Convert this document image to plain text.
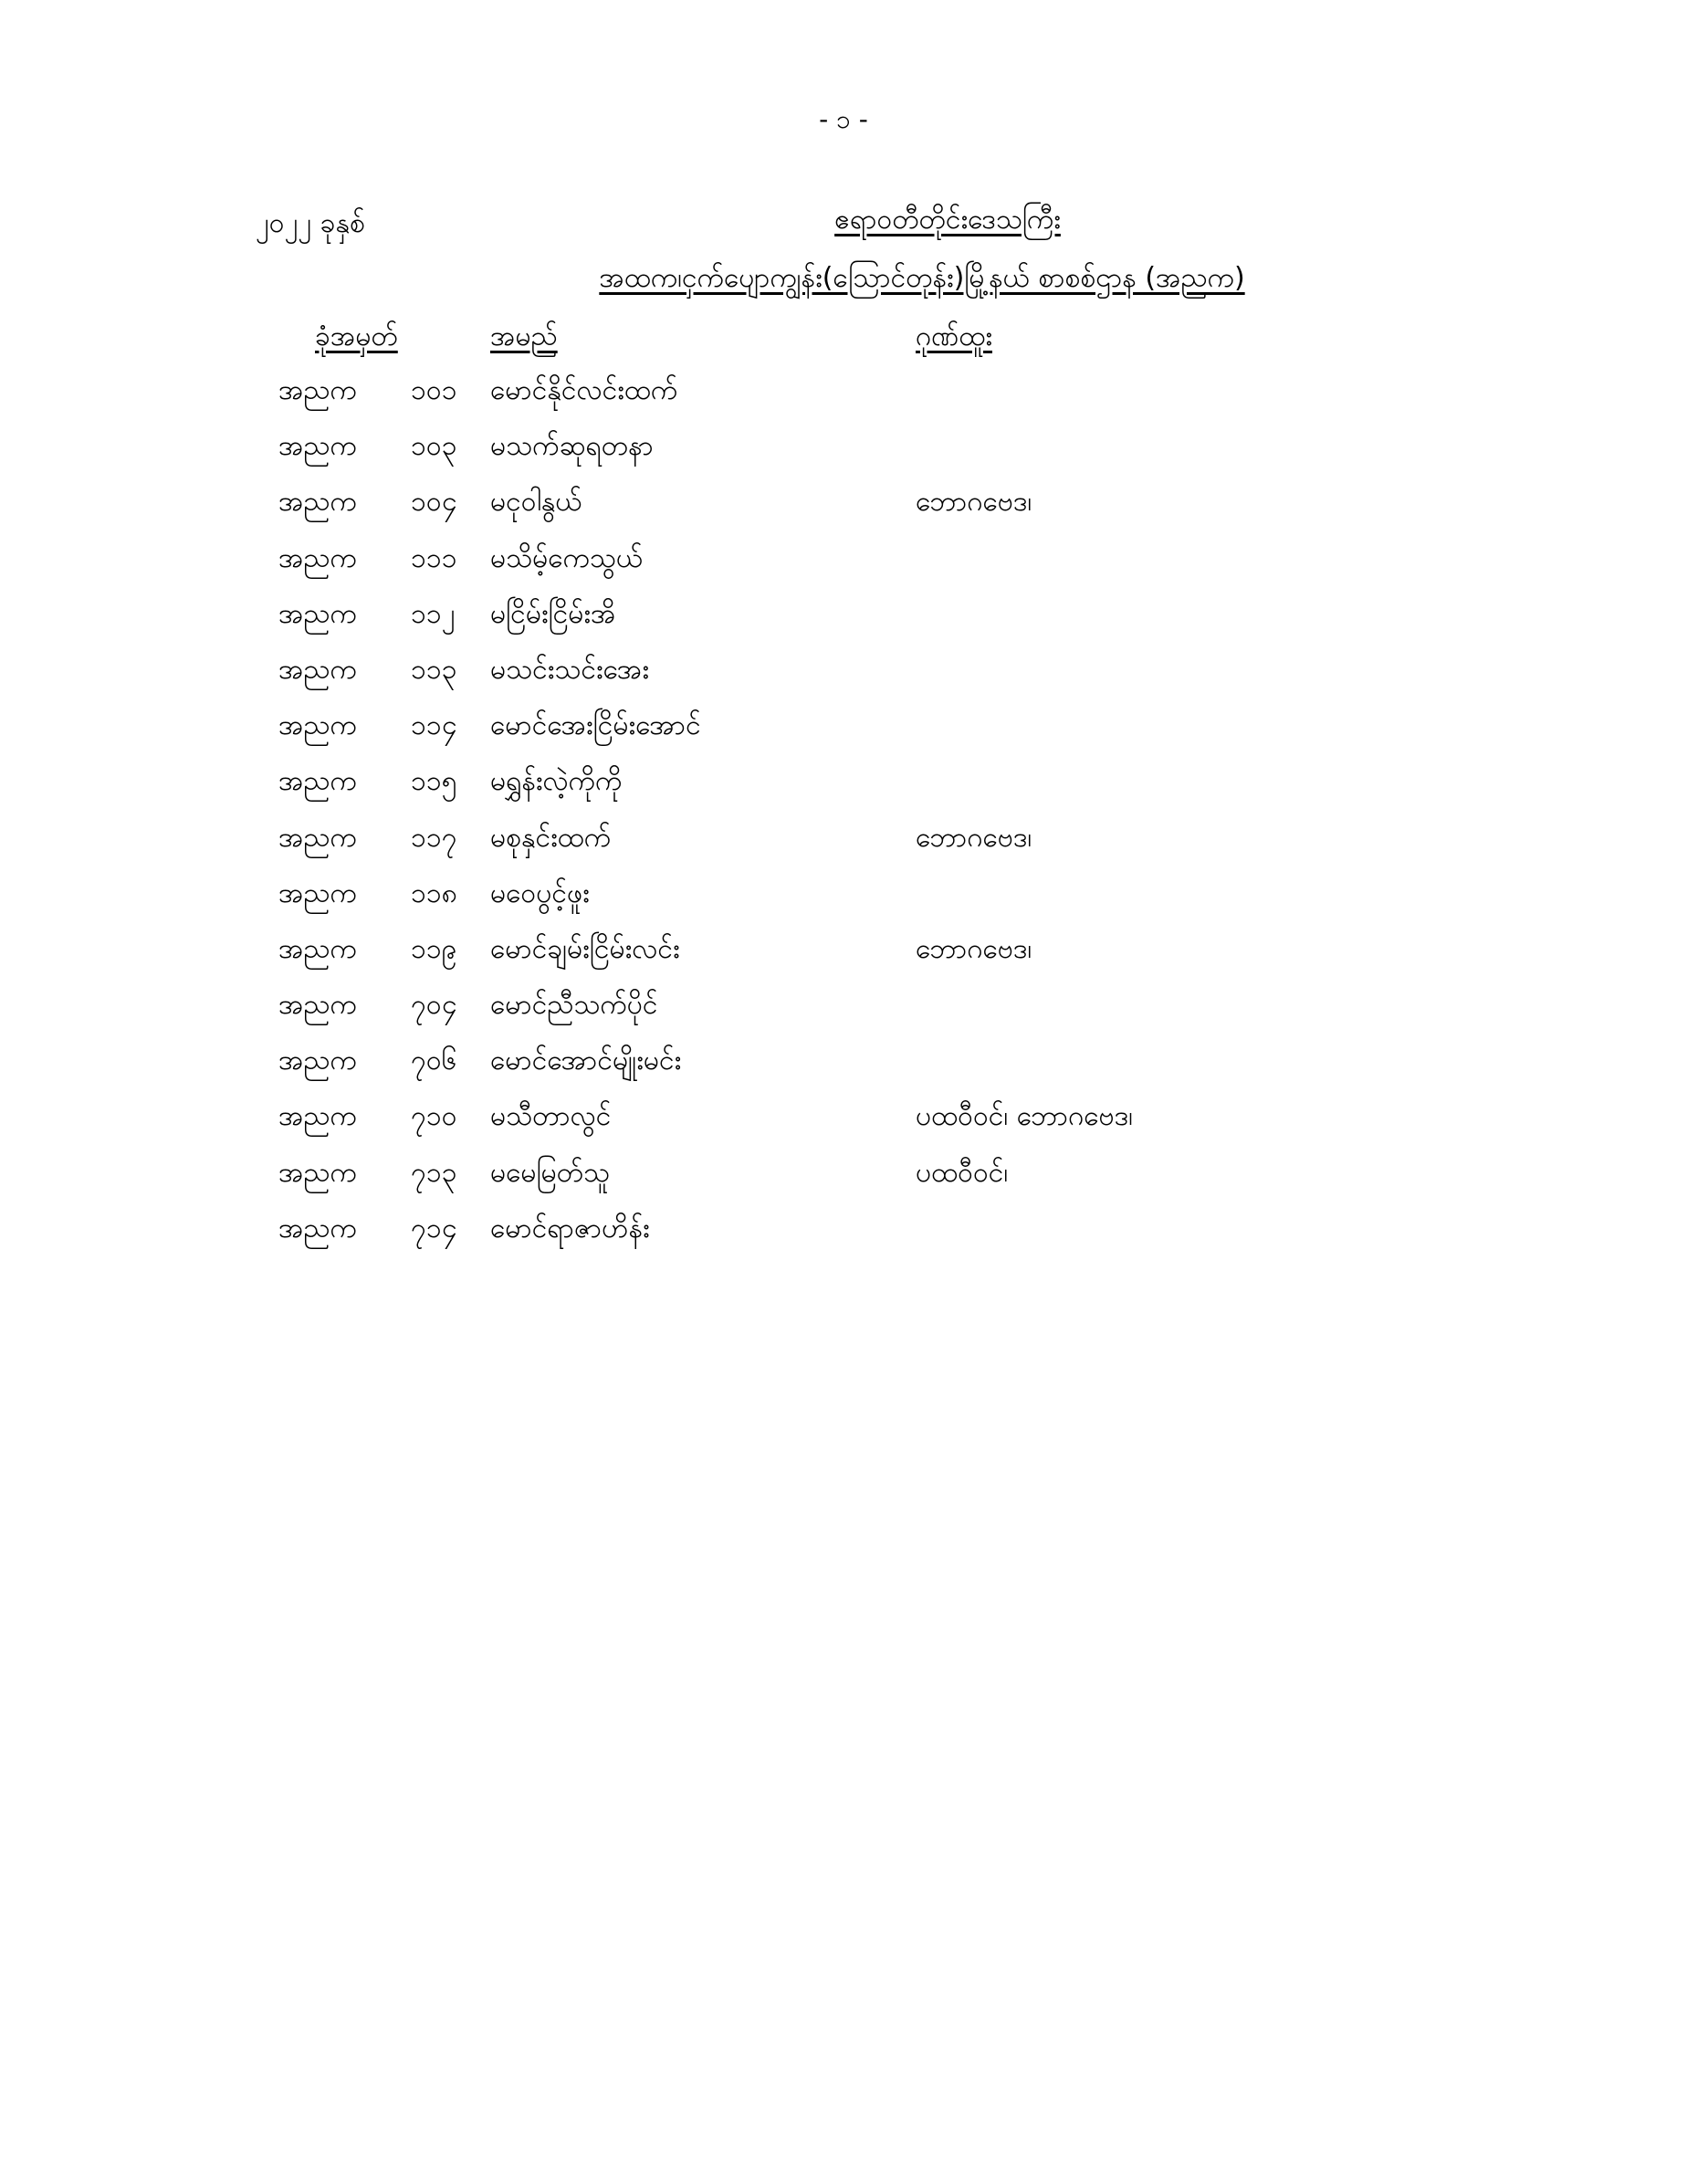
- ၁ -
၂၀၂၂ ခုနှစ်	ဧရာဝတီတိုင်းဒေသကြီး
အထက၊ငှက်ပျောကျွန်း(ဩောင်တုန်း)မြို့နယ် စာစစ်ဌာန (အညက)
ခုံအမှတ်	အမည်	ဂုဏ်ထူး
အညက ၁၀၁	မောင်နိုင်လင်းထက်
အညက ၁၀၃	မသက်ဆုရတနာ
အညက ၁၀၄	မငုဝါနွယ်	ဘောဂဗေဒ၊
အညက ၁၁၁	မသိမ့်ကေသွယ်
အညက ၁၁၂	မငြိမ်းငြိမ်းအိ
အညက ၁၁၃	မသင်းသင်းအေး
အညက ၁၁၄	မောင်အေးငြိမ်းအောင်
အညက ၁၁၅	မရွှန်းလဲ့ကိုကို
အညက ၁၁၇	မစုနှင်းထက်	ဘောဂဗေဒ၊
အညက ၁၁၈	မဝေပွင့်ဖူး
အညက ၁၁၉	မောင်ချမ်းငြိမ်းလင်း	ဘောဂဗေဒ၊
အညက ၇၀၄	မောင်ညီသက်ပိုင်
အညက ၇၀၆	မောင်အောင်မျိုးမင်း
အညက ၇၁၀	မသီတာလွင်	ပထဝီဝင်၊ ဘောဂဗေဒ၊
အညက ၇၁၃	မမေမြတ်သူ	ပထဝီဝင်၊
အညက ၇၁၄	မောင်ရာဇာဟိန်း
